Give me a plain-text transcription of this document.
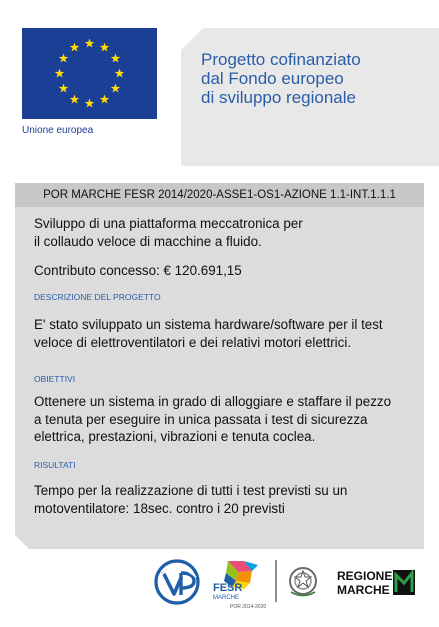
Unione europea
Progetto cofinanziato
dal Fondo europeo
di sviluppo regionale
POR MARCHE FESR 2014/2020-ASSE1-OS1-AZIONE 1.1-INT.1.1.1
Sviluppo di una piattaforma meccatronica per
il collaudo veloce di macchine a fluido.
Contributo concesso: € 120.691,15
DESCRIZIONE DEL PROGETTO
E' stato sviluppato un sistema hardware/software per il test
veloce di elettroventilatori e dei relativi motori elettrici.
OBIETTIVI
Ottenere un sistema in grado di alloggiare e staffare il pezzo
a tenuta per eseguire in unica passata i test di sicurezza
elettrica, prestazioni, vibrazioni e tenuta coclea.
RISULTATI
Tempo per la realizzazione di tutti i test previsti su un
motoventilatore: 18sec. contro i 20 previsti
FESR
MARCHE
POR 2014-2020
REGIONE
MARCHE
